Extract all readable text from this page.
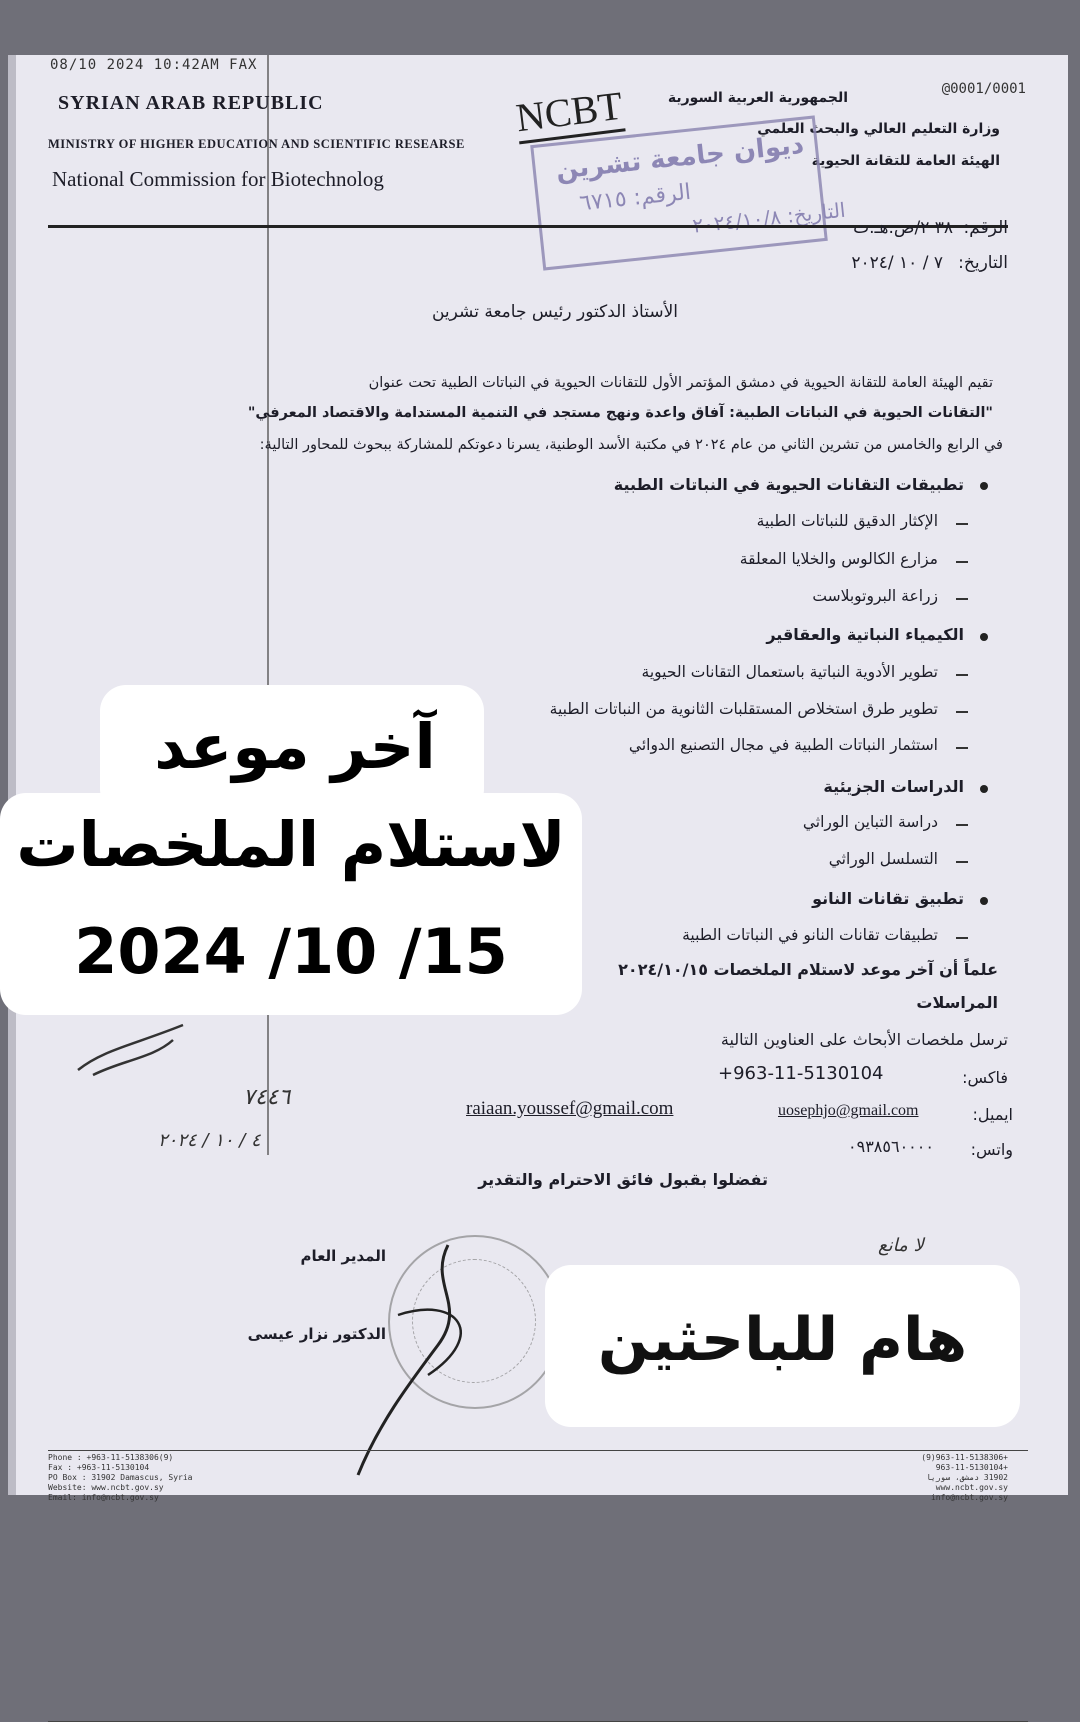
08/10 2024 10:42AM FAX
@0001/0001
SYRIAN ARAB REPUBLIC
MINISTRY OF HIGHER EDUCATION AND SCIENTIFIC RESEARSE
National Commission for Biotechnolog
الجمهورية العربية السورية
وزارة التعليم العالي والبحث العلمي
الهيئة العامة للتقانة الحيوية
NCBT
ديوان جامعة تشرين
الرقم: ٦٧١٥
التاريخ: ٢٠٢٤/١٠/٨	الرقم:
٣٨ ٢/ص.هـ.ت
التاريخ:
٧ / ١٠ /٢٠٢٤
الأستاذ الدكتور رئيس جامعة تشرين
تقيم الهيئة العامة للتقانة الحيوية في دمشق المؤتمر الأول للتقانات الحيوية في النباتات الطبية تحت عنوان
"التقانات الحيوية في النباتات الطبية: آفاق واعدة ونهج مستجد في التنمية المستدامة والاقتصاد المعرفي"
في الرابع والخامس من تشرين الثاني من عام ٢٠٢٤ في مكتبة الأسد الوطنية، يسرنا دعوتكم للمشاركة ببحوث للمحاور التالية:
تطبيقات التقانات الحيوية في النباتات الطبية
الإكثار الدقيق للنباتات الطبية
مزارع الكالوس والخلايا المعلقة
زراعة البروتوبلاست
الكيمياء النباتية والعقاقير
تطوير الأدوية النباتية باستعمال التقانات الحيوية
تطوير طرق استخلاص المستقلبات الثانوية من النباتات الطبية
استثمار النباتات الطبية في مجال التصنيع الدوائي
الدراسات الجزيئية
دراسة التباين الوراثي
التسلسل الوراثي
تطبيق تقانات النانو
تطبيقات تقانات النانو في النباتات الطبية
علماً أن آخر موعد لاستلام الملخصات ٢٠٢٤/١٠/١٥
المراسلات
ترسل ملخصات الأبحاث على العناوين التالية
فاكس:
+963-11-5130104
ايميل:
uosephjo@gmail.com
raiaan.youssef@gmail.com
واتس:
٠٩٣٨٥٦٠٠٠٠
تفضلوا بقبول فائق الاحترام والتقدير
المدير العام
الدكتور نزار عيسى
٧٤٤٦
٤ / ١٠ / ٢٠٢٤
لا مانع
Phone : +963-11-5138306(9)
Fax : +963-11-5130104
PO Box : 31902 Damascus, Syria
Website: www.ncbt.gov.sy
Email: info@ncbt.gov.sy
+963-11-5138306(9)
+963-11-5130104
31902 دمشق، سوريا
www.ncbt.gov.sy
info@ncbt.gov.sy
آخر موعد
لاستلام الملخصات
2024 /10 /15
هام للباحثين
